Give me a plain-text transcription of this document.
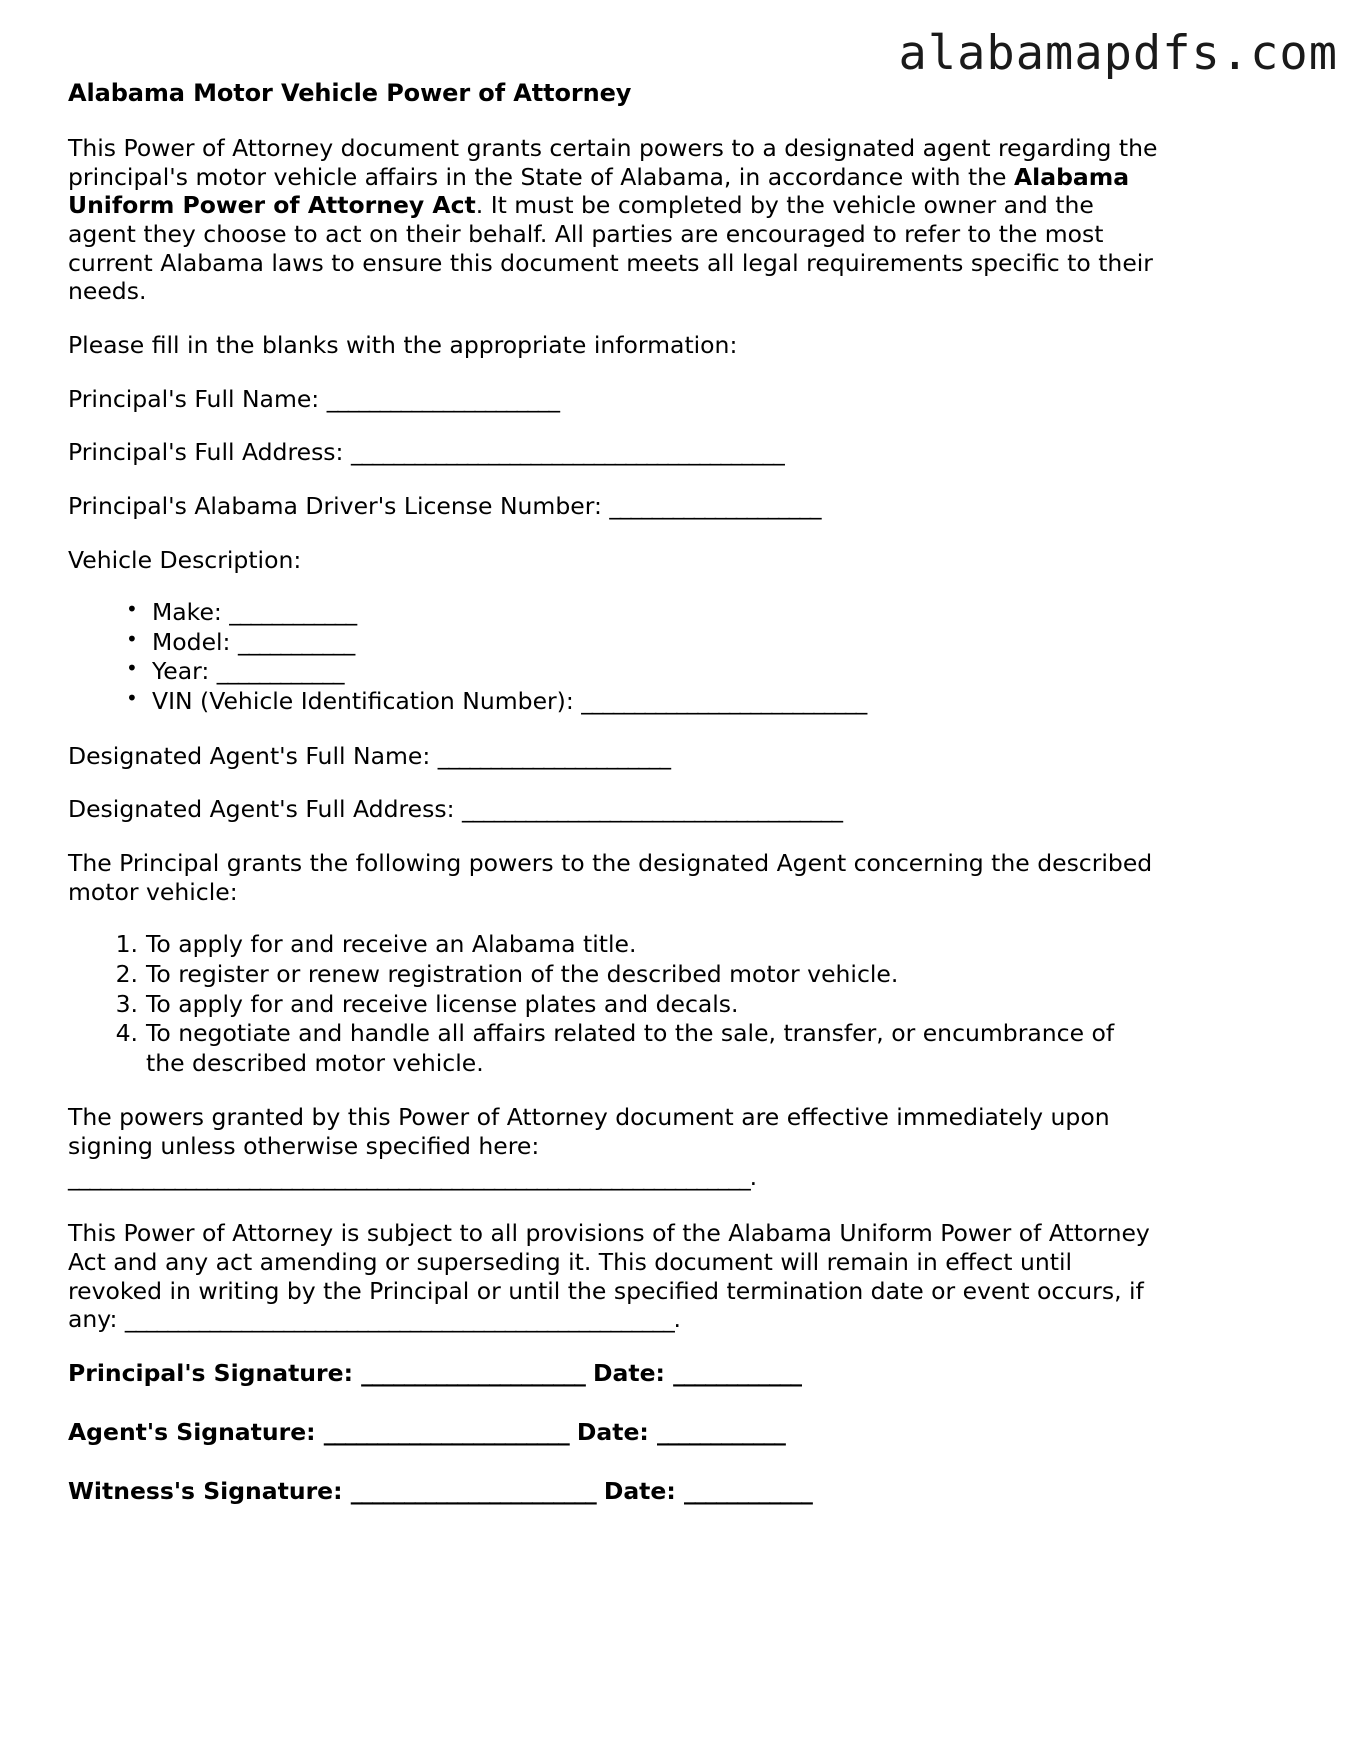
alabamapdfs.com
Alabama Motor Vehicle Power of Attorney

This Power of Attorney document grants certain powers to a designated agent regarding the principal's motor vehicle affairs in the State of Alabama, in accordance with the Alabama Uniform Power of Attorney Act. It must be completed by the vehicle owner and the agent they choose to act on their behalf. All parties are encouraged to refer to the most current Alabama laws to ensure this document meets all legal requirements specific to their needs.

Please fill in the blanks with the appropriate information:

Principal's Full Name: ______________________

Principal's Full Address: _________________________________________

Principal's Alabama Driver's License Number: ____________________

Vehicle Description:

• Make: ____________
• Model: ___________
• Year: ____________
• VIN (Vehicle Identification Number): ___________________________

Designated Agent's Full Name: ______________________

Designated Agent's Full Address: ____________________________________

The Principal grants the following powers to the designated Agent concerning the described motor vehicle:

To apply for and receive an Alabama title.
To register or renew registration of the described motor vehicle.
To apply for and receive license plates and decals.
To negotiate and handle all affairs related to the sale, transfer, or encumbrance of the described motor vehicle.

The powers granted by this Power of Attorney document are effective immediately upon signing unless otherwise specified here:

________________________________________________________________.

This Power of Attorney is subject to all provisions of the Alabama Uniform Power of Attorney Act and any act amending or superseding it. This document will remain in effect until revoked in writing by the Principal or until the specified termination date or event occurs, if any: ____________________________________________________.

Principal's Signature: _____________________ Date: ____________
Agent's Signature: _______________________ Date: ____________
Witness's Signature: _______________________ Date: ____________
